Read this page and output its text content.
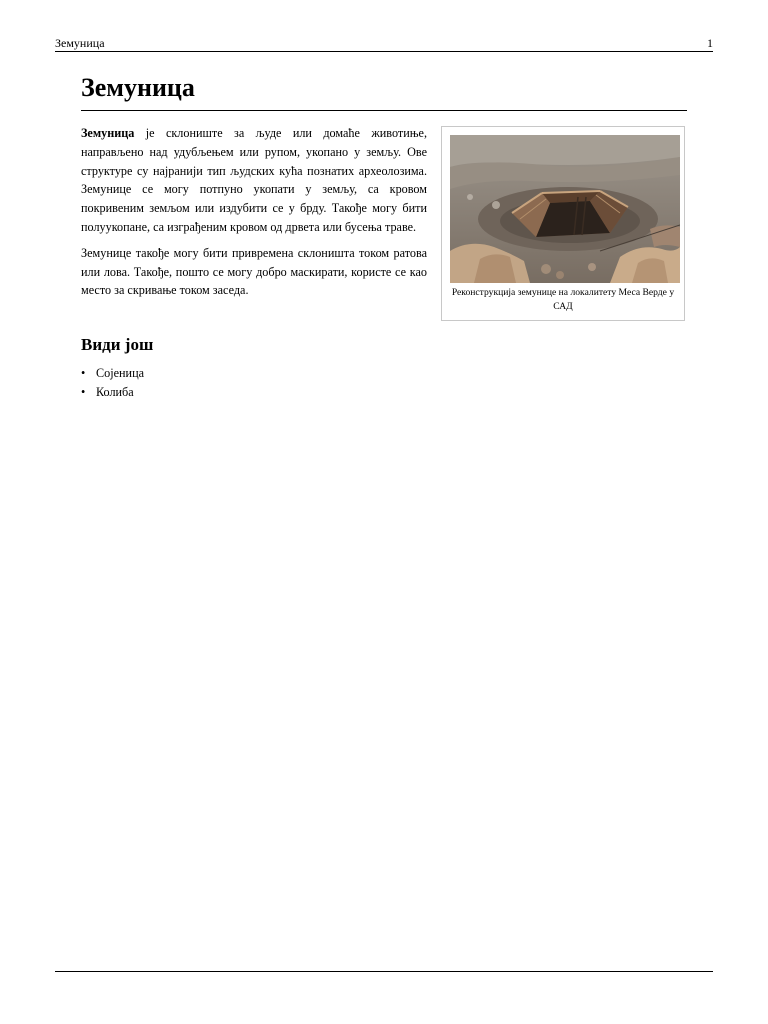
Земуница	1
Земуница

Земуница је склониште за људе или домаће животиње, направљено над удубљењем или рупом, укопано у земљу. Ове структуре су најранији тип људских кућа познатих археолозима. Земунице се могу потпуно укопати у земљу, са кровом покривеним земљом или издубити се у брду. Такође могу бити полуукопане, са изграђеним кровом од дрвета или бусења траве.

Земунице такође могу бити привремена склоништа током ратова или лова. Такође, пошто се могу добро маскирати, користе се као место за скривање током заседа.	Реконструкција земунице на локалитету Меса Верде у САД
Види још
• Сојеница
• Колиба
